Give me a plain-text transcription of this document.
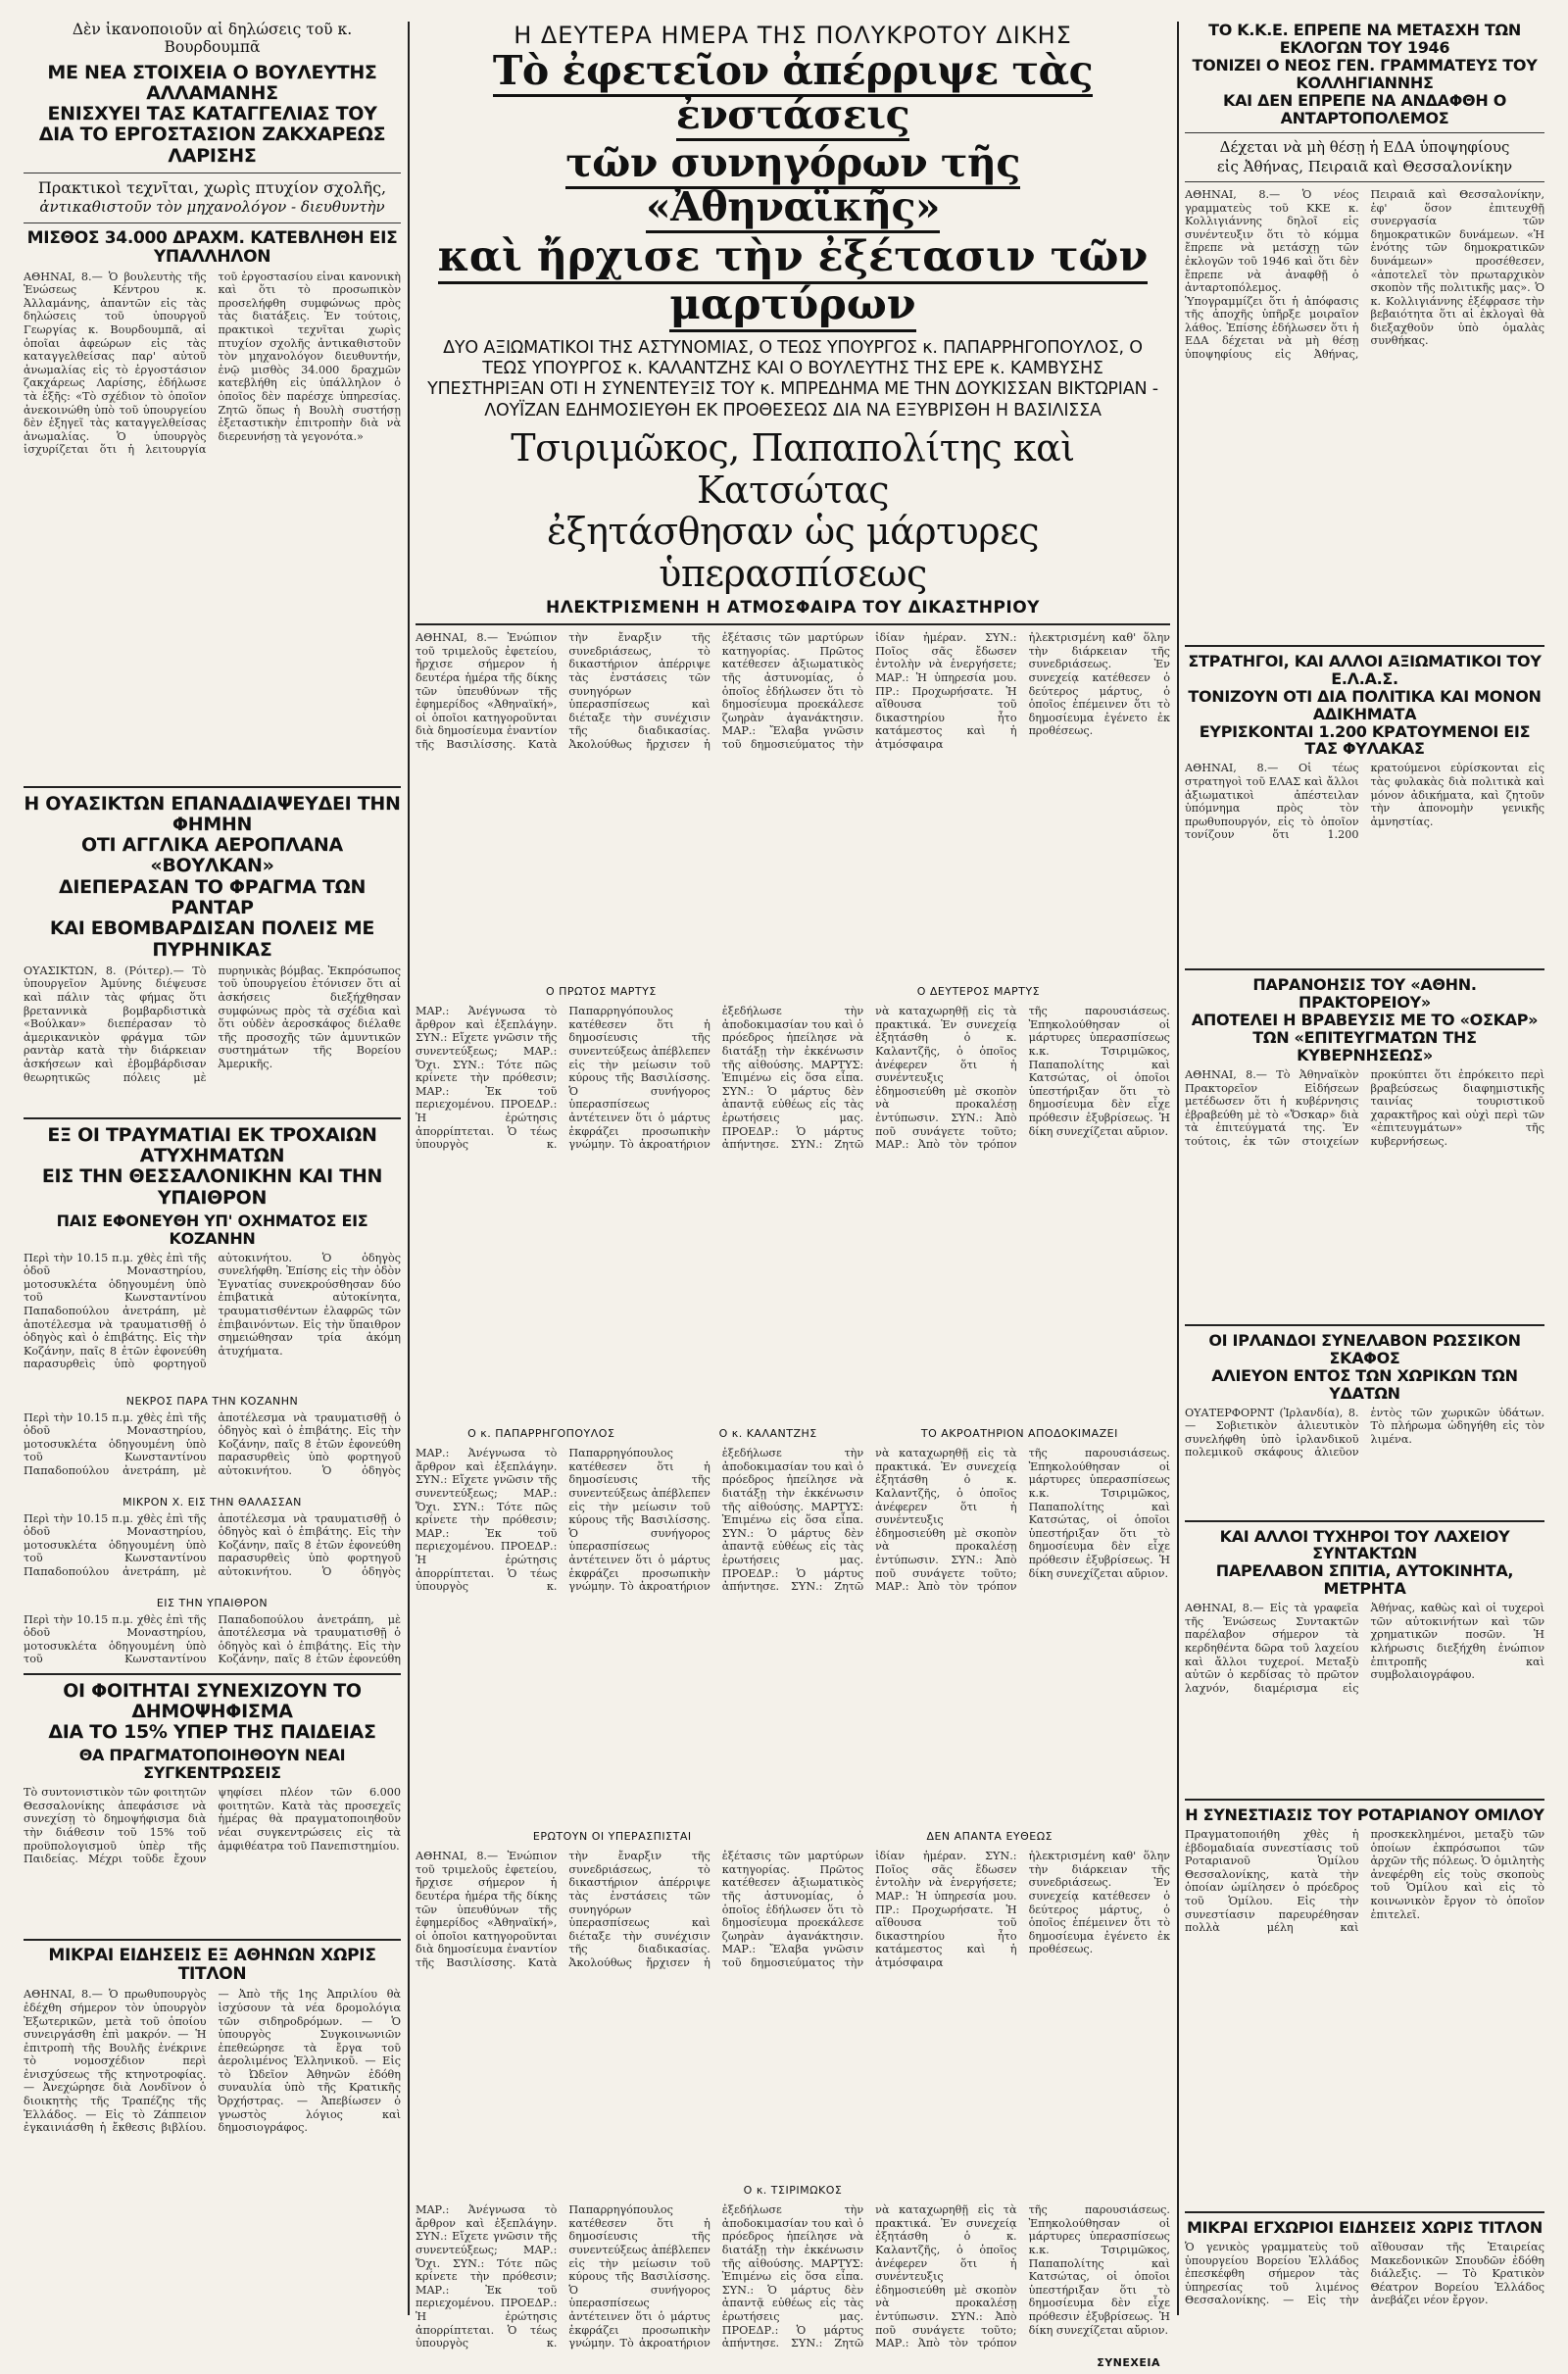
Δὲν ἱκανοποιοῦν αἱ δηλώσεις τοῦ κ. Βουρδουμπᾶ
ΜΕ ΝΕΑ ΣΤΟΙΧΕΙΑ Ο ΒΟΥΛΕΥΤΗΣ ΑΛΛΑΜΑΝΗΣ
ΕΝΙΣΧΥΕΙ ΤΑΣ ΚΑΤΑΓΓΕΛΙΑΣ ΤΟΥ
ΔΙΑ ΤΟ ΕΡΓΟΣΤΑΣΙΟΝ ΖΑΚΧΑΡΕΩΣ ΛΑΡΙΣΗΣ
Πρακτικοὶ τεχνῖται, χωρὶς πτυχίον σχολῆς,
ἀντικαθιστοῦν τὸν μηχανολόγον - διευθυντὴν
ΜΙΣΘΟΣ 34.000 ΔΡΑΧΜ. ΚΑΤΕΒΛΗΘΗ ΕΙΣ ΥΠΑΛΛΗΛΟΝ
ΑΘΗΝΑΙ, 8.— Ὁ βουλευτὴς τῆς Ἑνώσεως Κέντρου κ. Ἀλλαμάνης, ἀπαντῶν εἰς τὰς δηλώσεις τοῦ ὑπουργοῦ Γεωργίας κ. Βουρδουμπᾶ, αἱ ὁποῖαι ἀφεώρων εἰς τὰς καταγγελθείσας παρ' αὐτοῦ ἀνωμαλίας εἰς τὸ ἐργοστάσιον ζακχάρεως Λαρίσης, ἐδήλωσε τὰ ἑξῆς: «Τὸ σχέδιον τὸ ὁποῖον ἀνεκοινώθη ὑπὸ τοῦ ὑπουργείου δὲν ἐξηγεῖ τὰς καταγγελθείσας ἀνωμαλίας. Ὁ ὑπουργὸς ἰσχυρίζεται ὅτι ἡ λειτουργία τοῦ ἐργοστασίου εἶναι κανονικὴ καὶ ὅτι τὸ προσωπικὸν προσελήφθη συμφώνως πρὸς τὰς διατάξεις. Ἐν τούτοις, πρακτικοὶ τεχνῖται χωρὶς πτυχίον σχολῆς ἀντικαθιστοῦν τὸν μηχανολόγον διευθυντήν, ἐνῷ μισθὸς 34.000 δραχμῶν κατεβλήθη εἰς ὑπάλληλον ὁ ὁποῖος δὲν παρέσχε ὑπηρεσίας. Ζητῶ ὅπως ἡ Βουλὴ συστήσῃ ἐξεταστικὴν ἐπιτροπὴν διὰ νὰ διερευνήσῃ τὰ γεγονότα.»
Η ΟΥΑΣΙΚΤΩΝ ΕΠΑΝΑΔΙΑΨΕΥΔΕΙ ΤΗΝ ΦΗΜΗΝ
ΟΤΙ ΑΓΓΛΙΚΑ ΑΕΡΟΠΛΑΝΑ «ΒΟΥΛΚΑΝ»
ΔΙΕΠΕΡΑΣΑΝ ΤΟ ΦΡΑΓΜΑ ΤΩΝ ΡΑΝΤΑΡ
ΚΑΙ ΕΒΟΜΒΑΡΔΙΣΑΝ ΠΟΛΕΙΣ ΜΕ ΠΥΡΗΝΙΚΑΣ
ΟΥΑΣΙΚΤΩΝ, 8. (Ρόιτερ).— Τὸ ὑπουργεῖον Ἀμύνης διέψευσε καὶ πάλιν τὰς φήμας ὅτι βρεταννικὰ βομβαρδιστικὰ «Βούλκαν» διεπέρασαν τὸ ἀμερικανικὸν φράγμα τῶν ραντὰρ κατὰ τὴν διάρκειαν ἀσκήσεων καὶ ἐβομβάρδισαν θεωρητικῶς πόλεις μὲ πυρηνικὰς βόμβας. Ἐκπρόσωπος τοῦ ὑπουργείου ἐτόνισεν ὅτι αἱ ἀσκήσεις διεξήχθησαν συμφώνως πρὸς τὰ σχέδια καὶ ὅτι οὐδὲν ἀεροσκάφος διέλαθε τῆς προσοχῆς τῶν ἀμυντικῶν συστημάτων τῆς Βορείου Ἀμερικῆς.
ΕΞ ΟΙ ΤΡΑΥΜΑΤΙΑΙ ΕΚ ΤΡΟΧΑΙΩΝ ΑΤΥΧΗΜΑΤΩΝ
ΕΙΣ ΤΗΝ ΘΕΣΣΑΛΟΝΙΚΗΝ ΚΑΙ ΤΗΝ ΥΠΑΙΘΡΟΝ
ΠΑΙΣ ΕΦΟΝΕΥΘΗ ΥΠ' ΟΧΗΜΑΤΟΣ ΕΙΣ ΚΟΖΑΝΗΝ
Περὶ τὴν 10.15 π.μ. χθὲς ἐπὶ τῆς ὁδοῦ Μοναστηρίου, μοτοσυκλέτα ὁδηγουμένη ὑπὸ τοῦ Κωνσταντίνου Παπαδοπούλου ἀνετράπη, μὲ ἀποτέλεσμα νὰ τραυματισθῇ ὁ ὁδηγὸς καὶ ὁ ἐπιβάτης. Εἰς τὴν Κοζάνην, παῖς 8 ἐτῶν ἐφονεύθη παρασυρθεὶς ὑπὸ φορτηγοῦ αὐτοκινήτου. Ὁ ὁδηγὸς συνελήφθη. Ἐπίσης εἰς τὴν ὁδὸν Ἐγνατίας συνεκρούσθησαν δύο ἐπιβατικὰ αὐτοκίνητα, τραυματισθέντων ἐλαφρῶς τῶν ἐπιβαινόντων. Εἰς τὴν ὕπαιθρον σημειώθησαν τρία ἀκόμη ἀτυχήματα.
ΝΕΚΡΟΣ ΠΑΡΑ ΤΗΝ ΚΟΖΑΝΗΝ
Περὶ τὴν 10.15 π.μ. χθὲς ἐπὶ τῆς ὁδοῦ Μοναστηρίου, μοτοσυκλέτα ὁδηγουμένη ὑπὸ τοῦ Κωνσταντίνου Παπαδοπούλου ἀνετράπη, μὲ ἀποτέλεσμα νὰ τραυματισθῇ ὁ ὁδηγὸς καὶ ὁ ἐπιβάτης. Εἰς τὴν Κοζάνην, παῖς 8 ἐτῶν ἐφονεύθη παρασυρθεὶς ὑπὸ φορτηγοῦ αὐτοκινήτου. Ὁ ὁδηγὸς
ΜΙΚΡΟΝ Χ. ΕΙΣ ΤΗΝ ΘΑΛΑΣΣΑΝ
Περὶ τὴν 10.15 π.μ. χθὲς ἐπὶ τῆς ὁδοῦ Μοναστηρίου, μοτοσυκλέτα ὁδηγουμένη ὑπὸ τοῦ Κωνσταντίνου Παπαδοπούλου ἀνετράπη, μὲ ἀποτέλεσμα νὰ τραυματισθῇ ὁ ὁδηγὸς καὶ ὁ ἐπιβάτης. Εἰς τὴν Κοζάνην, παῖς 8 ἐτῶν ἐφονεύθη παρασυρθεὶς ὑπὸ φορτηγοῦ αὐτοκινήτου. Ὁ ὁδηγὸς
ΕΙΣ ΤΗΝ ΥΠΑΙΘΡΟΝ
Περὶ τὴν 10.15 π.μ. χθὲς ἐπὶ τῆς ὁδοῦ Μοναστηρίου, μοτοσυκλέτα ὁδηγουμένη ὑπὸ τοῦ Κωνσταντίνου Παπαδοπούλου ἀνετράπη, μὲ ἀποτέλεσμα νὰ τραυματισθῇ ὁ ὁδηγὸς καὶ ὁ ἐπιβάτης. Εἰς τὴν Κοζάνην, παῖς 8 ἐτῶν ἐφονεύθη
ΟΙ ΦΟΙΤΗΤΑΙ ΣΥΝΕΧΙΖΟΥΝ ΤΟ ΔΗΜΟΨΗΦΙΣΜΑ
ΔΙΑ ΤΟ 15% ΥΠΕΡ ΤΗΣ ΠΑΙΔΕΙΑΣ
ΘΑ ΠΡΑΓΜΑΤΟΠΟΙΗΘΟΥΝ ΝΕΑΙ ΣΥΓΚΕΝΤΡΩΣΕΙΣ
Τὸ συντονιστικὸν τῶν φοιτητῶν Θεσσαλονίκης ἀπεφάσισε νὰ συνεχίσῃ τὸ δημοψήφισμα διὰ τὴν διάθεσιν τοῦ 15% τοῦ προϋπολογισμοῦ ὑπὲρ τῆς Παιδείας. Μέχρι τοῦδε ἔχουν ψηφίσει πλέον τῶν 6.000 φοιτητῶν. Κατὰ τὰς προσεχεῖς ἡμέρας θὰ πραγματοποιηθοῦν νέαι συγκεντρώσεις εἰς τὰ ἀμφιθέατρα τοῦ Πανεπιστημίου.
ΜΙΚΡΑΙ ΕΙΔΗΣΕΙΣ ΕΞ ΑΘΗΝΩΝ ΧΩΡΙΣ ΤΙΤΛΟΝ
ΑΘΗΝΑΙ, 8.— Ὁ πρωθυπουργὸς ἐδέχθη σήμερον τὸν ὑπουργὸν Ἐξωτερικῶν, μετὰ τοῦ ὁποίου συνειργάσθη ἐπὶ μακρόν. — Ἡ ἐπιτροπὴ τῆς Βουλῆς ἐνέκρινε τὸ νομοσχέδιον περὶ ἐνισχύσεως τῆς κτηνοτροφίας. — Ἀνεχώρησε διὰ Λονδῖνον ὁ διοικητὴς τῆς Τραπέζης τῆς Ἑλλάδος. — Εἰς τὸ Ζάππειον ἐγκαινιάσθη ἡ ἔκθεσις βιβλίου. — Ἀπὸ τῆς 1ης Ἀπριλίου θὰ ἰσχύσουν τὰ νέα δρομολόγια τῶν σιδηροδρόμων. — Ὁ ὑπουργὸς Συγκοινωνιῶν ἐπεθεώρησε τὰ ἔργα τοῦ ἀερολιμένος Ἑλληνικοῦ. — Εἰς τὸ Ὠδεῖον Ἀθηνῶν ἐδόθη συναυλία ὑπὸ τῆς Κρατικῆς Ὀρχήστρας. — Ἀπεβίωσεν ὁ γνωστὸς λόγιος καὶ δημοσιογράφος.
Η ΔΕΥΤΕΡΑ ΗΜΕΡΑ ΤΗΣ ΠΟΛΥΚΡΟΤΟΥ ΔΙΚΗΣ
Τὸ ἐφετεῖον ἀπέρριψε τὰς ἐνστάσεις
τῶν συνηγόρων τῆς «Ἀθηναϊκῆς»
καὶ ἤρχισε τὴν ἐξέτασιν τῶν μαρτύρων
ΔΥΟ ΑΞΙΩΜΑΤΙΚΟΙ ΤΗΣ ΑΣΤΥΝΟΜΙΑΣ, Ο ΤΕΩΣ ΥΠΟΥΡΓΟΣ κ. ΠΑΠΑΡΡΗΓΟΠΟΥΛΟΣ, Ο ΤΕΩΣ ΥΠΟΥΡΓΟΣ κ. ΚΑΛΑΝΤΖΗΣ ΚΑΙ Ο ΒΟΥΛΕΥΤΗΣ ΤΗΣ ΕΡΕ κ. ΚΑΜΒΥΣΗΣ ΥΠΕΣΤΗΡΙΞΑΝ ΟΤΙ Η ΣΥΝΕΝΤΕΥΞΙΣ ΤΟΥ κ. ΜΠΡΕΔΗΜΑ ΜΕ ΤΗΝ ΔΟΥΚΙΣΣΑΝ ΒΙΚΤΩΡΙΑΝ - ΛΟΥΪΖΑΝ ΕΔΗΜΟΣΙΕΥΘΗ ΕΚ ΠΡΟΘΕΣΕΩΣ ΔΙΑ ΝΑ ΕΞΥΒΡΙΣΘΗ Η ΒΑΣΙΛΙΣΣΑ
Τσιριμῶκος, Παπαπολίτης καὶ Κατσώτας
ἐξητάσθησαν ὡς μάρτυρες ὑπερασπίσεως
ΗΛΕΚΤΡΙΣΜΕΝΗ Η ΑΤΜΟΣΦΑΙΡΑ ΤΟΥ ΔΙΚΑΣΤΗΡΙΟΥ
ΑΘΗΝΑΙ, 8.— Ἐνώπιον τοῦ τριμελοῦς ἐφετείου, ἤρχισε σήμερον ἡ δευτέρα ἡμέρα τῆς δίκης τῶν ὑπευθύνων τῆς ἐφημερίδος «Ἀθηναϊκή», οἱ ὁποῖοι κατηγοροῦνται διὰ δημοσίευμα ἐναντίον τῆς Βασιλίσσης. Κατὰ τὴν ἔναρξιν τῆς συνεδριάσεως, τὸ δικαστήριον ἀπέρριψε τὰς ἐνστάσεις τῶν συνηγόρων ὑπερασπίσεως καὶ διέταξε τὴν συνέχισιν τῆς διαδικασίας. Ἀκολούθως ἤρχισεν ἡ ἐξέτασις τῶν μαρτύρων κατηγορίας. Πρῶτος κατέθεσεν ἀξιωματικὸς τῆς ἀστυνομίας, ὁ ὁποῖος ἐδήλωσεν ὅτι τὸ δημοσίευμα προεκάλεσε ζωηρὰν ἀγανάκτησιν. ΜΑΡ.: Ἔλαβα γνῶσιν τοῦ δημοσιεύματος τὴν ἰδίαν ἡμέραν. ΣΥΝ.: Ποῖος σᾶς ἔδωσεν ἐντολὴν νὰ ἐνεργήσετε; ΜΑΡ.: Ἡ ὑπηρεσία μου. ΠΡ.: Προχωρήσατε. Ἡ αἴθουσα τοῦ δικαστηρίου ἦτο κατάμεστος καὶ ἡ ἀτμόσφαιρα ἠλεκτρισμένη καθ' ὅλην τὴν διάρκειαν τῆς συνεδριάσεως. Ἐν συνεχείᾳ κατέθεσεν ὁ δεύτερος μάρτυς, ὁ ὁποῖος ἐπέμεινεν ὅτι τὸ δημοσίευμα ἐγένετο ἐκ προθέσεως.
Ο ΠΡΩΤΟΣ ΜΑΡΤΥΣ	Ο ΔΕΥΤΕΡΟΣ ΜΑΡΤΥΣ
ΜΑΡ.: Ἀνέγνωσα τὸ ἄρθρον καὶ ἐξεπλάγην. ΣΥΝ.: Εἴχετε γνῶσιν τῆς συνεντεύξεως; ΜΑΡ.: Ὄχι. ΣΥΝ.: Τότε πῶς κρίνετε τὴν πρόθεσιν; ΜΑΡ.: Ἐκ τοῦ περιεχομένου. ΠΡΟΕΔΡ.: Ἡ ἐρώτησις ἀπορρίπτεται. Ὁ τέως ὑπουργὸς κ. Παπαρρηγόπουλος κατέθεσεν ὅτι ἡ δημοσίευσις τῆς συνεντεύξεως ἀπέβλεπεν εἰς τὴν μείωσιν τοῦ κύρους τῆς Βασιλίσσης. Ὁ συνήγορος ὑπερασπίσεως ἀντέτεινεν ὅτι ὁ μάρτυς ἐκφράζει προσωπικὴν γνώμην. Τὸ ἀκροατήριον ἐξεδήλωσε τὴν ἀποδοκιμασίαν του καὶ ὁ πρόεδρος ἠπείλησε νὰ διατάξῃ τὴν ἐκκένωσιν τῆς αἰθούσης. ΜΑΡΤΥΣ: Ἐπιμένω εἰς ὅσα εἶπα. ΣΥΝ.: Ὁ μάρτυς δὲν ἀπαντᾷ εὐθέως εἰς τὰς ἐρωτήσεις μας. ΠΡΟΕΔΡ.: Ὁ μάρτυς ἀπήντησε. ΣΥΝ.: Ζητῶ νὰ καταχωρηθῇ εἰς τὰ πρακτικά. Ἐν συνεχείᾳ ἐξητάσθη ὁ κ. Καλαντζῆς, ὁ ὁποῖος ἀνέφερεν ὅτι ἡ συνέντευξις ἐδημοσιεύθη μὲ σκοπὸν νὰ προκαλέσῃ ἐντύπωσιν. ΣΥΝ.: Ἀπὸ ποῦ συνάγετε τοῦτο; ΜΑΡ.: Ἀπὸ τὸν τρόπον τῆς παρουσιάσεως. Ἐπηκολούθησαν οἱ μάρτυρες ὑπερασπίσεως κ.κ. Τσιριμῶκος, Παπαπολίτης καὶ Κατσώτας, οἱ ὁποῖοι ὑπεστήριξαν ὅτι τὸ δημοσίευμα δὲν εἶχε πρόθεσιν ἐξυβρίσεως. Ἡ δίκη συνεχίζεται αὔριον.
Ο κ. ΠΑΠΑΡΡΗΓΟΠΟΥΛΟΣ	Ο κ. ΚΑΛΑΝΤΖΗΣ	ΤΟ ΑΚΡΟΑΤΗΡΙΟΝ ΑΠΟΔΟΚΙΜΑΖΕΙ
ΜΑΡ.: Ἀνέγνωσα τὸ ἄρθρον καὶ ἐξεπλάγην. ΣΥΝ.: Εἴχετε γνῶσιν τῆς συνεντεύξεως; ΜΑΡ.: Ὄχι. ΣΥΝ.: Τότε πῶς κρίνετε τὴν πρόθεσιν; ΜΑΡ.: Ἐκ τοῦ περιεχομένου. ΠΡΟΕΔΡ.: Ἡ ἐρώτησις ἀπορρίπτεται. Ὁ τέως ὑπουργὸς κ. Παπαρρηγόπουλος κατέθεσεν ὅτι ἡ δημοσίευσις τῆς συνεντεύξεως ἀπέβλεπεν εἰς τὴν μείωσιν τοῦ κύρους τῆς Βασιλίσσης. Ὁ συνήγορος ὑπερασπίσεως ἀντέτεινεν ὅτι ὁ μάρτυς ἐκφράζει προσωπικὴν γνώμην. Τὸ ἀκροατήριον ἐξεδήλωσε τὴν ἀποδοκιμασίαν του καὶ ὁ πρόεδρος ἠπείλησε νὰ διατάξῃ τὴν ἐκκένωσιν τῆς αἰθούσης. ΜΑΡΤΥΣ: Ἐπιμένω εἰς ὅσα εἶπα. ΣΥΝ.: Ὁ μάρτυς δὲν ἀπαντᾷ εὐθέως εἰς τὰς ἐρωτήσεις μας. ΠΡΟΕΔΡ.: Ὁ μάρτυς ἀπήντησε. ΣΥΝ.: Ζητῶ νὰ καταχωρηθῇ εἰς τὰ πρακτικά. Ἐν συνεχείᾳ ἐξητάσθη ὁ κ. Καλαντζῆς, ὁ ὁποῖος ἀνέφερεν ὅτι ἡ συνέντευξις ἐδημοσιεύθη μὲ σκοπὸν νὰ προκαλέσῃ ἐντύπωσιν. ΣΥΝ.: Ἀπὸ ποῦ συνάγετε τοῦτο; ΜΑΡ.: Ἀπὸ τὸν τρόπον τῆς παρουσιάσεως. Ἐπηκολούθησαν οἱ μάρτυρες ὑπερασπίσεως κ.κ. Τσιριμῶκος, Παπαπολίτης καὶ Κατσώτας, οἱ ὁποῖοι ὑπεστήριξαν ὅτι τὸ δημοσίευμα δὲν εἶχε πρόθεσιν ἐξυβρίσεως. Ἡ δίκη συνεχίζεται αὔριον.
ΕΡΩΤΟΥΝ ΟΙ ΥΠΕΡΑΣΠΙΣΤΑΙ	ΔΕΝ ΑΠΑΝΤΑ ΕΥΘΕΩΣ
ΑΘΗΝΑΙ, 8.— Ἐνώπιον τοῦ τριμελοῦς ἐφετείου, ἤρχισε σήμερον ἡ δευτέρα ἡμέρα τῆς δίκης τῶν ὑπευθύνων τῆς ἐφημερίδος «Ἀθηναϊκή», οἱ ὁποῖοι κατηγοροῦνται διὰ δημοσίευμα ἐναντίον τῆς Βασιλίσσης. Κατὰ τὴν ἔναρξιν τῆς συνεδριάσεως, τὸ δικαστήριον ἀπέρριψε τὰς ἐνστάσεις τῶν συνηγόρων ὑπερασπίσεως καὶ διέταξε τὴν συνέχισιν τῆς διαδικασίας. Ἀκολούθως ἤρχισεν ἡ ἐξέτασις τῶν μαρτύρων κατηγορίας. Πρῶτος κατέθεσεν ἀξιωματικὸς τῆς ἀστυνομίας, ὁ ὁποῖος ἐδήλωσεν ὅτι τὸ δημοσίευμα προεκάλεσε ζωηρὰν ἀγανάκτησιν. ΜΑΡ.: Ἔλαβα γνῶσιν τοῦ δημοσιεύματος τὴν ἰδίαν ἡμέραν. ΣΥΝ.: Ποῖος σᾶς ἔδωσεν ἐντολὴν νὰ ἐνεργήσετε; ΜΑΡ.: Ἡ ὑπηρεσία μου. ΠΡ.: Προχωρήσατε. Ἡ αἴθουσα τοῦ δικαστηρίου ἦτο κατάμεστος καὶ ἡ ἀτμόσφαιρα ἠλεκτρισμένη καθ' ὅλην τὴν διάρκειαν τῆς συνεδριάσεως. Ἐν συνεχείᾳ κατέθεσεν ὁ δεύτερος μάρτυς, ὁ ὁποῖος ἐπέμεινεν ὅτι τὸ δημοσίευμα ἐγένετο ἐκ προθέσεως.
Ο κ. ΤΣΙΡΙΜΩΚΟΣ
ΜΑΡ.: Ἀνέγνωσα τὸ ἄρθρον καὶ ἐξεπλάγην. ΣΥΝ.: Εἴχετε γνῶσιν τῆς συνεντεύξεως; ΜΑΡ.: Ὄχι. ΣΥΝ.: Τότε πῶς κρίνετε τὴν πρόθεσιν; ΜΑΡ.: Ἐκ τοῦ περιεχομένου. ΠΡΟΕΔΡ.: Ἡ ἐρώτησις ἀπορρίπτεται. Ὁ τέως ὑπουργὸς κ. Παπαρρηγόπουλος κατέθεσεν ὅτι ἡ δημοσίευσις τῆς συνεντεύξεως ἀπέβλεπεν εἰς τὴν μείωσιν τοῦ κύρους τῆς Βασιλίσσης. Ὁ συνήγορος ὑπερασπίσεως ἀντέτεινεν ὅτι ὁ μάρτυς ἐκφράζει προσωπικὴν γνώμην. Τὸ ἀκροατήριον ἐξεδήλωσε τὴν ἀποδοκιμασίαν του καὶ ὁ πρόεδρος ἠπείλησε νὰ διατάξῃ τὴν ἐκκένωσιν τῆς αἰθούσης. ΜΑΡΤΥΣ: Ἐπιμένω εἰς ὅσα εἶπα. ΣΥΝ.: Ὁ μάρτυς δὲν ἀπαντᾷ εὐθέως εἰς τὰς ἐρωτήσεις μας. ΠΡΟΕΔΡ.: Ὁ μάρτυς ἀπήντησε. ΣΥΝ.: Ζητῶ νὰ καταχωρηθῇ εἰς τὰ πρακτικά. Ἐν συνεχείᾳ ἐξητάσθη ὁ κ. Καλαντζῆς, ὁ ὁποῖος ἀνέφερεν ὅτι ἡ συνέντευξις ἐδημοσιεύθη μὲ σκοπὸν νὰ προκαλέσῃ ἐντύπωσιν. ΣΥΝ.: Ἀπὸ ποῦ συνάγετε τοῦτο; ΜΑΡ.: Ἀπὸ τὸν τρόπον τῆς παρουσιάσεως. Ἐπηκολούθησαν οἱ μάρτυρες ὑπερασπίσεως κ.κ. Τσιριμῶκος, Παπαπολίτης καὶ Κατσώτας, οἱ ὁποῖοι ὑπεστήριξαν ὅτι τὸ δημοσίευμα δὲν εἶχε πρόθεσιν ἐξυβρίσεως. Ἡ δίκη συνεχίζεται αὔριον.
ΣΥΝΕΧΕΙΑ
ΤΟ Κ.Κ.Ε. ΕΠΡΕΠΕ ΝΑ ΜΕΤΑΣΧΗ ΤΩΝ ΕΚΛΟΓΩΝ ΤΟΥ 1946
ΤΟΝΙΖΕΙ Ο ΝΕΟΣ ΓΕΝ. ΓΡΑΜΜΑΤΕΥΣ ΤΟΥ ΚΟΛΛΗΓΙΑΝΝΗΣ
ΚΑΙ ΔΕΝ ΕΠΡΕΠΕ ΝΑ ΑΝΔΑΦΘΗ Ο ΑΝΤΑΡΤΟΠΟΛΕΜΟΣ
Δέχεται νὰ μὴ θέσῃ ἡ ΕΔΑ ὑποψηφίους
εἰς Ἀθήνας, Πειραιᾶ καὶ Θεσσαλονίκην
ΑΘΗΝΑΙ, 8.— Ὁ νέος γραμματεὺς τοῦ ΚΚΕ κ. Κολλιγιάννης δηλοῖ εἰς συνέντευξιν ὅτι τὸ κόμμα ἔπρεπε νὰ μετάσχῃ τῶν ἐκλογῶν τοῦ 1946 καὶ ὅτι δὲν ἔπρεπε νὰ ἀναφθῇ ὁ ἀνταρτοπόλεμος. Ὑπογραμμίζει ὅτι ἡ ἀπόφασις τῆς ἀποχῆς ὑπῆρξε μοιραῖον λάθος. Ἐπίσης ἐδήλωσεν ὅτι ἡ ΕΔΑ δέχεται νὰ μὴ θέσῃ ὑποψηφίους εἰς Ἀθήνας, Πειραιᾶ καὶ Θεσσαλονίκην, ἐφ' ὅσον ἐπιτευχθῇ συνεργασία τῶν δημοκρατικῶν δυνάμεων. «Ἡ ἑνότης τῶν δημοκρατικῶν δυνάμεων» προσέθεσεν, «ἀποτελεῖ τὸν πρωταρχικὸν σκοπὸν τῆς πολιτικῆς μας». Ὁ κ. Κολλιγιάννης ἐξέφρασε τὴν βεβαιότητα ὅτι αἱ ἐκλογαὶ θὰ διεξαχθοῦν ὑπὸ ὁμαλὰς συνθήκας.
ΣΤΡΑΤΗΓΟΙ, ΚΑΙ ΑΛΛΟΙ ΑΞΙΩΜΑΤΙΚΟΙ ΤΟΥ Ε.Λ.Α.Σ.
ΤΟΝΙΖΟΥΝ ΟΤΙ ΔΙΑ ΠΟΛΙΤΙΚΑ ΚΑΙ ΜΟΝΟΝ ΑΔΙΚΗΜΑΤΑ
ΕΥΡΙΣΚΟΝΤΑΙ 1.200 ΚΡΑΤΟΥΜΕΝΟΙ ΕΙΣ ΤΑΣ ΦΥΛΑΚΑΣ
ΑΘΗΝΑΙ, 8.— Οἱ τέως στρατηγοὶ τοῦ ΕΛΑΣ καὶ ἄλλοι ἀξιωματικοὶ ἀπέστειλαν ὑπόμνημα πρὸς τὸν πρωθυπουργόν, εἰς τὸ ὁποῖον τονίζουν ὅτι 1.200 κρατούμενοι εὑρίσκονται εἰς τὰς φυλακὰς διὰ πολιτικὰ καὶ μόνον ἀδικήματα, καὶ ζητοῦν τὴν ἀπονομὴν γενικῆς ἀμνηστίας.
ΠΑΡΑΝΟΗΣΙΣ ΤΟΥ «ΑΘΗΝ. ΠΡΑΚΤΟΡΕΙΟΥ»
ΑΠΟΤΕΛΕΙ Η ΒΡΑΒΕΥΣΙΣ ΜΕ ΤΟ «ΟΣΚΑΡ»
ΤΩΝ «ΕΠΙΤΕΥΓΜΑΤΩΝ ΤΗΣ ΚΥΒΕΡΝΗΣΕΩΣ»
ΑΘΗΝΑΙ, 8.— Τὸ Ἀθηναϊκὸν Πρακτορεῖον Εἰδήσεων μετέδωσεν ὅτι ἡ κυβέρνησις ἐβραβεύθη μὲ τὸ «Ὄσκαρ» διὰ τὰ ἐπιτεύγματά της. Ἐν τούτοις, ἐκ τῶν στοιχείων προκύπτει ὅτι ἐπρόκειτο περὶ βραβεύσεως διαφημιστικῆς ταινίας τουριστικοῦ χαρακτῆρος καὶ οὐχὶ περὶ τῶν «ἐπιτευγμάτων» τῆς κυβερνήσεως.
ΟΙ ΙΡΛΑΝΔΟΙ ΣΥΝΕΛΑΒΟΝ ΡΩΣΣΙΚΟΝ ΣΚΑΦΟΣ
ΑΛΙΕΥΟΝ ΕΝΤΟΣ ΤΩΝ ΧΩΡΙΚΩΝ ΤΩΝ ΥΔΑΤΩΝ
ΟΥΑΤΕΡΦΟΡΝΤ (Ἰρλανδία), 8.— Σοβιετικὸν ἁλιευτικὸν συνελήφθη ὑπὸ ἰρλανδικοῦ πολεμικοῦ σκάφους ἁλιεῦον ἐντὸς τῶν χωρικῶν ὑδάτων. Τὸ πλήρωμα ὠδηγήθη εἰς τὸν λιμένα.
ΚΑΙ ΑΛΛΟΙ ΤΥΧΗΡΟΙ ΤΟΥ ΛΑΧΕΙΟΥ ΣΥΝΤΑΚΤΩΝ
ΠΑΡΕΛΑΒΟΝ ΣΠΙΤΙΑ, ΑΥΤΟΚΙΝΗΤΑ, ΜΕΤΡΗΤΑ
ΑΘΗΝΑΙ, 8.— Εἰς τὰ γραφεῖα τῆς Ἑνώσεως Συντακτῶν παρέλαβον σήμερον τὰ κερδηθέντα δῶρα τοῦ λαχείου καὶ ἄλλοι τυχεροί. Μεταξὺ αὐτῶν ὁ κερδίσας τὸ πρῶτον λαχνόν, διαμέρισμα εἰς Ἀθήνας, καθὼς καὶ οἱ τυχεροὶ τῶν αὐτοκινήτων καὶ τῶν χρηματικῶν ποσῶν. Ἡ κλήρωσις διεξήχθη ἐνώπιον ἐπιτροπῆς καὶ συμβολαιογράφου.
Η ΣΥΝΕΣΤΙΑΣΙΣ ΤΟΥ ΡΟΤΑΡΙΑΝΟΥ ΟΜΙΛΟΥ
Πραγματοποιήθη χθὲς ἡ ἑβδομαδιαία συνεστίασις τοῦ Ροταριανοῦ Ὁμίλου Θεσσαλονίκης, κατὰ τὴν ὁποίαν ὡμίλησεν ὁ πρόεδρος τοῦ Ὁμίλου. Εἰς τὴν συνεστίασιν παρευρέθησαν πολλὰ μέλη καὶ προσκεκλημένοι, μεταξὺ τῶν ὁποίων ἐκπρόσωποι τῶν ἀρχῶν τῆς πόλεως. Ὁ ὁμιλητὴς ἀνεφέρθη εἰς τοὺς σκοποὺς τοῦ Ὁμίλου καὶ εἰς τὸ κοινωνικὸν ἔργον τὸ ὁποῖον ἐπιτελεῖ.
ΜΙΚΡΑΙ ΕΓΧΩΡΙΟΙ ΕΙΔΗΣΕΙΣ ΧΩΡΙΣ ΤΙΤΛΟΝ
Ὁ γενικὸς γραμματεὺς τοῦ ὑπουργείου Βορείου Ἑλλάδος ἐπεσκέφθη σήμερον τὰς ὑπηρεσίας τοῦ λιμένος Θεσσαλονίκης. — Εἰς τὴν αἴθουσαν τῆς Ἑταιρείας Μακεδονικῶν Σπουδῶν ἐδόθη διάλεξις. — Τὸ Κρατικὸν Θέατρον Βορείου Ἑλλάδος ἀνεβάζει νέον ἔργον.
